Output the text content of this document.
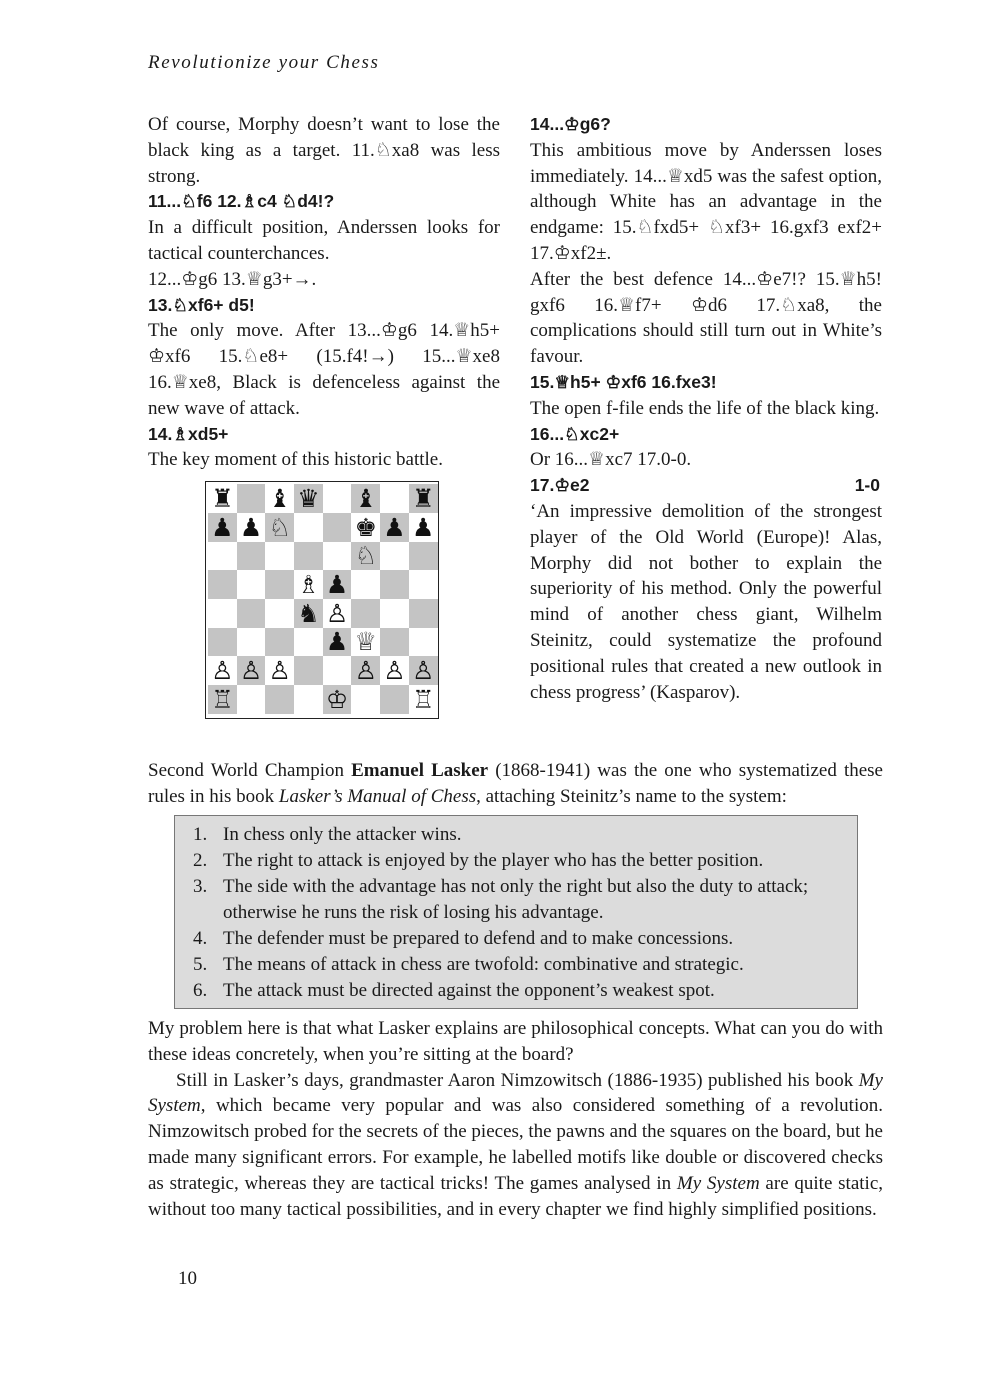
Revolutionize your Chess

Of course, Morphy doesn’t want to lose the black king as a target. 11.♘xa8 was less strong.

11...♘f6 12.♗c4 ♘d4!?

In a difficult position, Anderssen looks for tactical counterchances.

12...♔g6 13.♕g3+→.

13.♘xf6+ d5!

The only move. After 13...♔g6 14.♕h5+ ♔xf6 15.♘e8+ (15.f4!→) 15...♕xe8 16.♕xe8, Black is defenceless against the new wave of attack.

14.♗xd5+

The key moment of this historic battle.

♜ ♝ ♛ ♝ ♜
♟ ♟ ♘	♚ ♟ ♟
♘
♗ ♟
♞ ♙
♟ ♕
♙ ♙ ♙	♙ ♙ ♙
♖	♔	♖

14...♔g6?

This ambitious move by Anderssen loses immediately. 14...♕xd5 was the safest option, although White has an advantage in the endgame: 15.♘fxd5+ ♘xf3+ 16.gxf3 exf2+ 17.♔xf2±.

After the best defence 14...♔e7!? 15.♕h5! gxf6 16.♕f7+ ♔d6 17.♘xa8, the complications should still turn out in White’s favour.

15.♕h5+ ♔xf6 16.fxe3!

The open f-file ends the life of the black king.

16...♘xc2+

Or 16...♕xc7 17.0-0.

17.♔e2	1-0

‘An impressive demolition of the strongest player of the Old World (Europe)! Alas, Morphy did not bother to explain the superiority of his method. Only the powerful mind of another chess giant, Wilhelm Steinitz, could systematize the profound positional rules that created a new outlook in chess progress’ (Kasparov).

Second World Champion Emanuel Lasker (1868-1941) was the one who systematized these rules in his book Lasker’s Manual of Chess, attaching Steinitz’s name to the system:

1. In chess only the attacker wins.
2. The right to attack is enjoyed by the player who has the better position.
3. The side with the advantage has not only the right but also the duty to attack; otherwise he runs the risk of losing his advantage.
4. The defender must be prepared to defend and to make concessions.
5. The means of attack in chess are twofold: combinative and strategic.
6. The attack must be directed against the opponent’s weakest spot.

My problem here is that what Lasker explains are philosophical concepts. What can you do with these ideas concretely, when you’re sitting at the board?

Still in Lasker’s days, grandmaster Aaron Nimzowitsch (1886-1935) published his book My System, which became very popular and was also considered something of a revolution. Nimzowitsch probed for the secrets of the pieces, the pawns and the squares on the board, but he made many significant errors. For example, he labelled motifs like double or discovered checks as strategic, whereas they are tactical tricks! The games analysed in My System are quite static, without too many tactical possibilities, and in every chapter we find highly simplified positions.

10
